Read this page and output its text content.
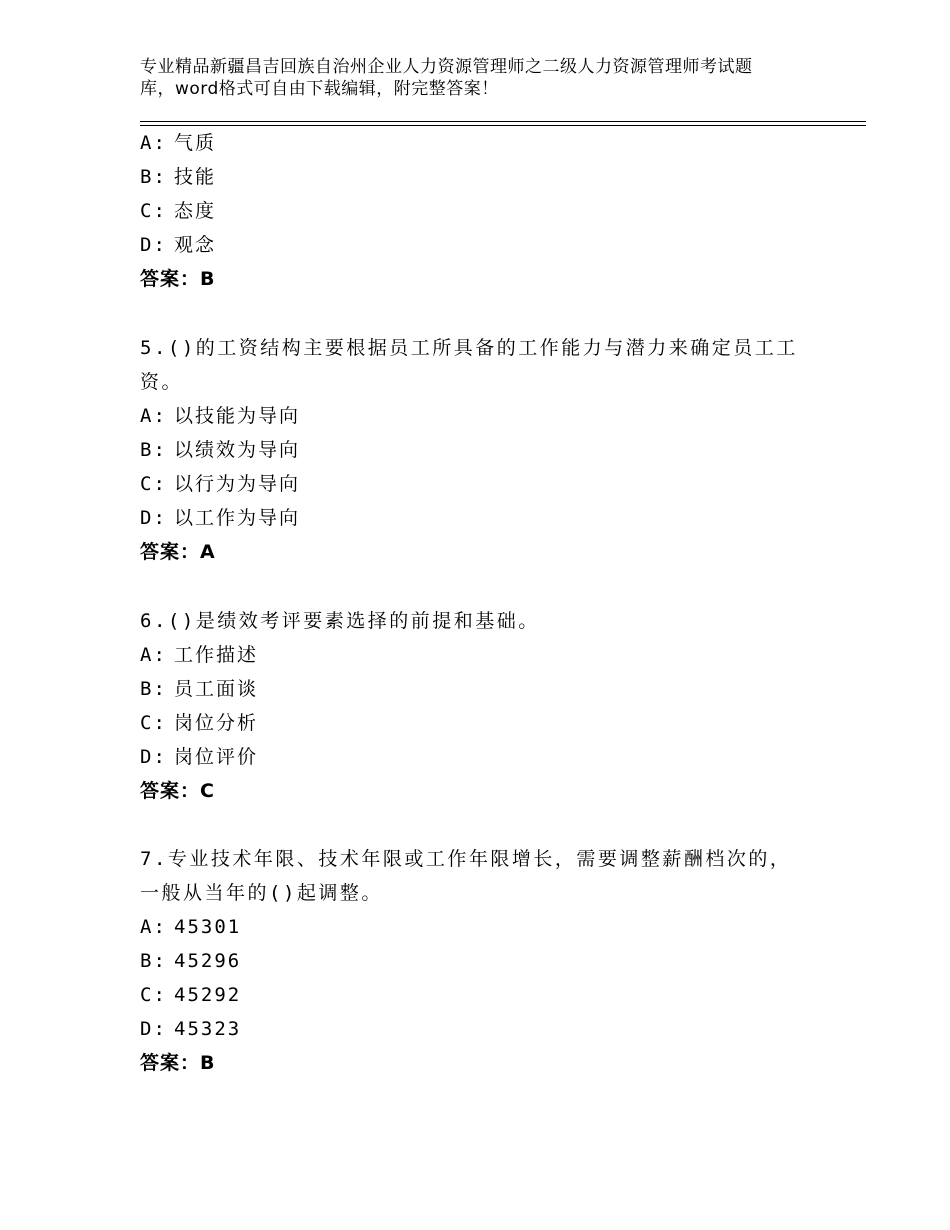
专业精品新疆昌吉回族自治州企业人力资源管理师之二级人力资源管理师考试题
库，word格式可自由下载编辑，附完整答案！
A: 气质
B: 技能
C: 态度
D: 观念
答案：B
5.()的工资结构主要根据员工所具备的工作能力与潜力来确定员工工
资。
A: 以技能为导向
B: 以绩效为导向
C: 以行为为导向
D: 以工作为导向
答案：A
6.()是绩效考评要素选择的前提和基础。
A: 工作描述
B: 员工面谈
C: 岗位分析
D: 岗位评价
答案：C
7.专业技术年限、技术年限或工作年限增长，需要调整薪酬档次的，
一般从当年的()起调整。
A: 45301
B: 45296
C: 45292
D: 45323
答案：B
